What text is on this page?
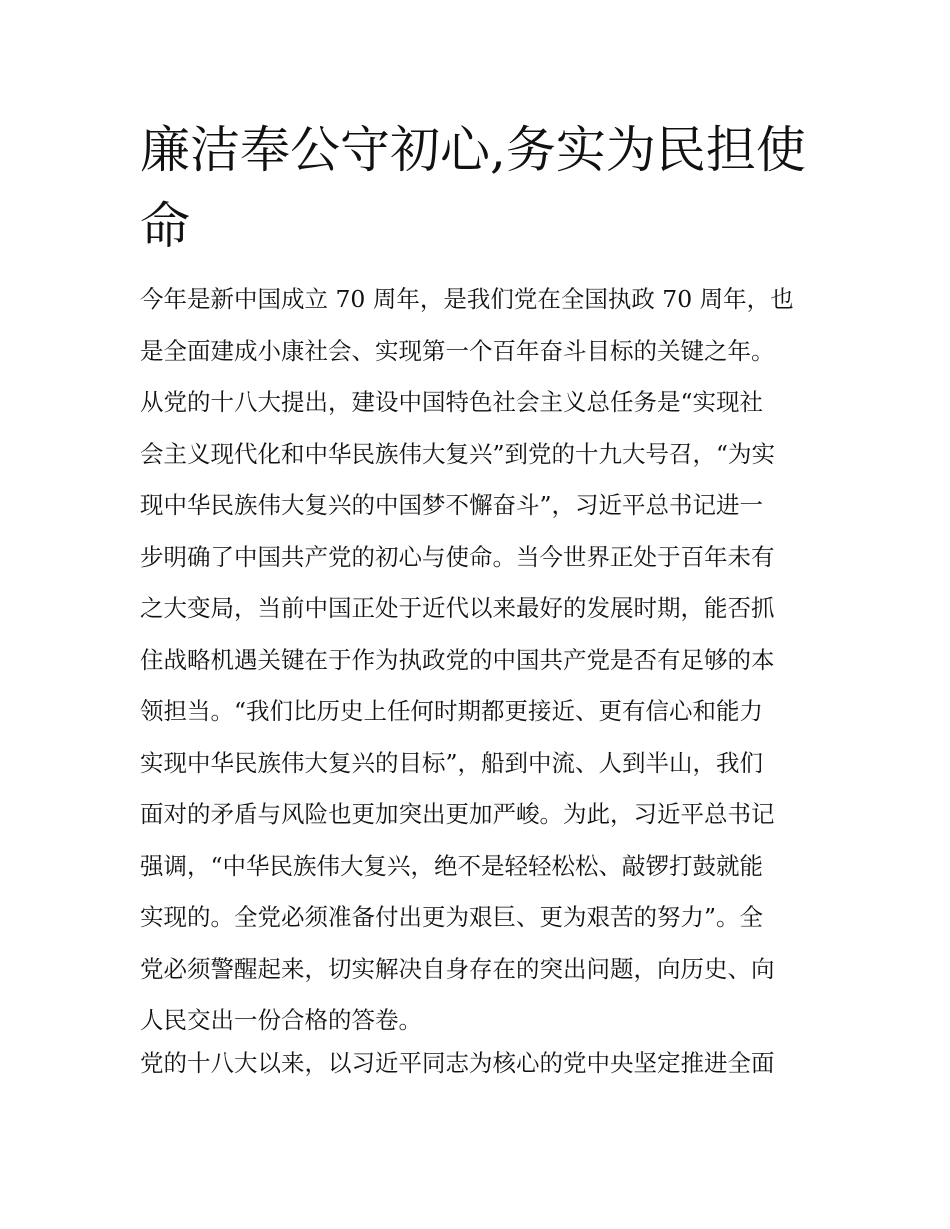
廉洁奉公守初心,务实为民担使
命
今年是新中国成立 70 周年，是我们党在全国执政 70 周年，也
是全面建成小康社会、实现第一个百年奋斗目标的关键之年。
从党的十八大提出，建设中国特色社会主义总任务是“实现社
会主义现代化和中华民族伟大复兴”到党的十九大号召，“为实
现中华民族伟大复兴的中国梦不懈奋斗”，习近平总书记进一
步明确了中国共产党的初心与使命。当今世界正处于百年未有
之大变局，当前中国正处于近代以来最好的发展时期，能否抓
住战略机遇关键在于作为执政党的中国共产党是否有足够的本
领担当。“我们比历史上任何时期都更接近、更有信心和能力
实现中华民族伟大复兴的目标”，船到中流、人到半山，我们
面对的矛盾与风险也更加突出更加严峻。为此，习近平总书记
强调，“中华民族伟大复兴，绝不是轻轻松松、敲锣打鼓就能
实现的。全党必须准备付出更为艰巨、更为艰苦的努力”。全
党必须警醒起来，切实解决自身存在的突出问题，向历史、向
人民交出一份合格的答卷。
党的十八大以来，以习近平同志为核心的党中央坚定推进全面
